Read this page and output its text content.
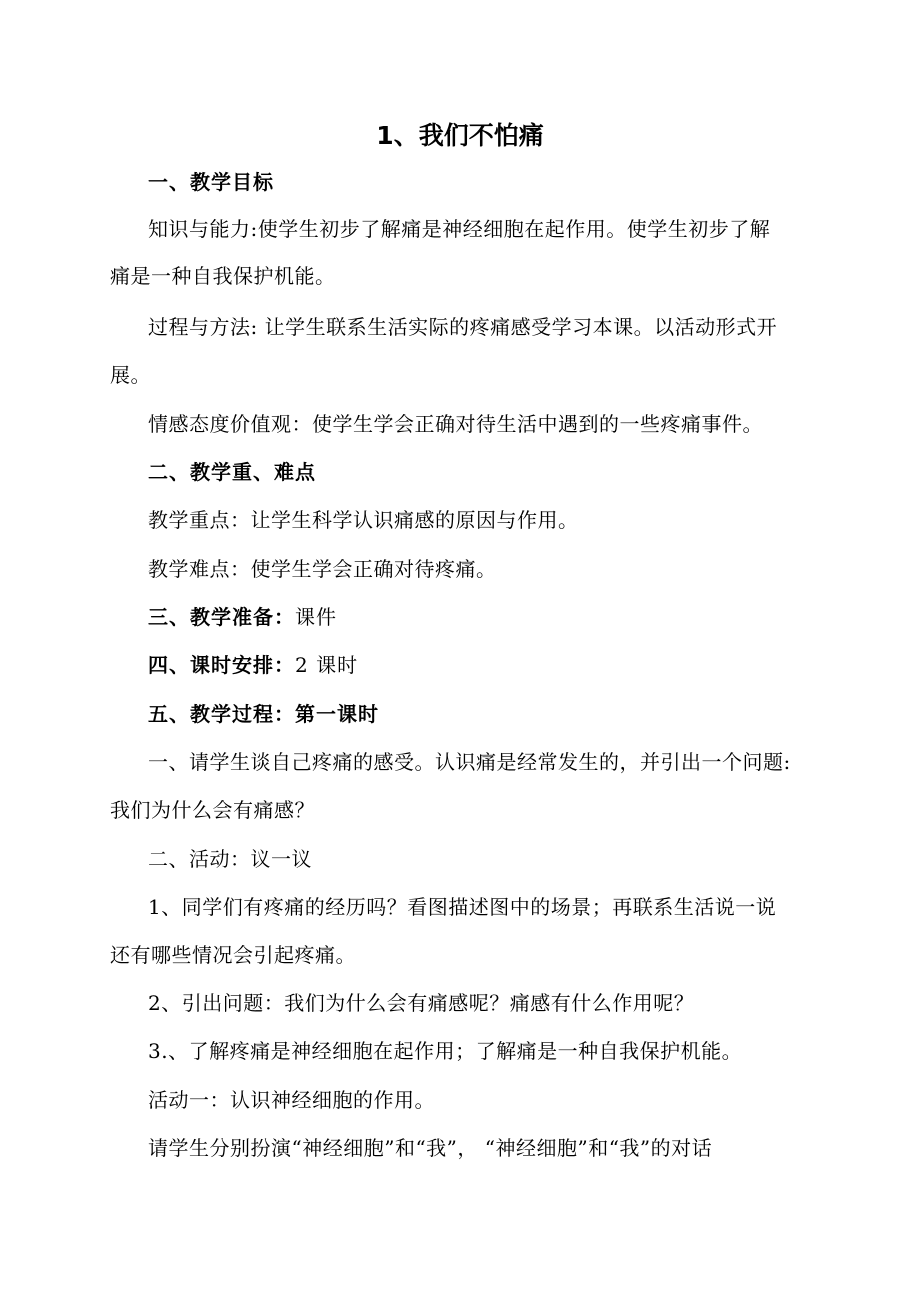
1、我们不怕痛
一、教学目标
知识与能力:使学生初步了解痛是神经细胞在起作用。使学生初步了解
痛是一种自我保护机能。
过程与方法: 让学生联系生活实际的疼痛感受学习本课。以活动形式开
展。
情感态度价值观：使学生学会正确对待生活中遇到的一些疼痛事件。
二、教学重、难点
教学重点：让学生科学认识痛感的原因与作用。
教学难点：使学生学会正确对待疼痛。
三、教学准备：课件
四、课时安排：2 课时
五、教学过程：第一课时
一、请学生谈自己疼痛的感受。认识痛是经常发生的，并引出一个问题:
我们为什么会有痛感？
二、活动：议一议
1、同学们有疼痛的经历吗？看图描述图中的场景；再联系生活说一说
还有哪些情况会引起疼痛。
2、引出问题：我们为什么会有痛感呢？痛感有什么作用呢？
3.、了解疼痛是神经细胞在起作用；了解痛是一种自我保护机能。
活动一：认识神经细胞的作用。
请学生分别扮演“神经细胞”和“我”， “神经细胞”和“我”的对话
